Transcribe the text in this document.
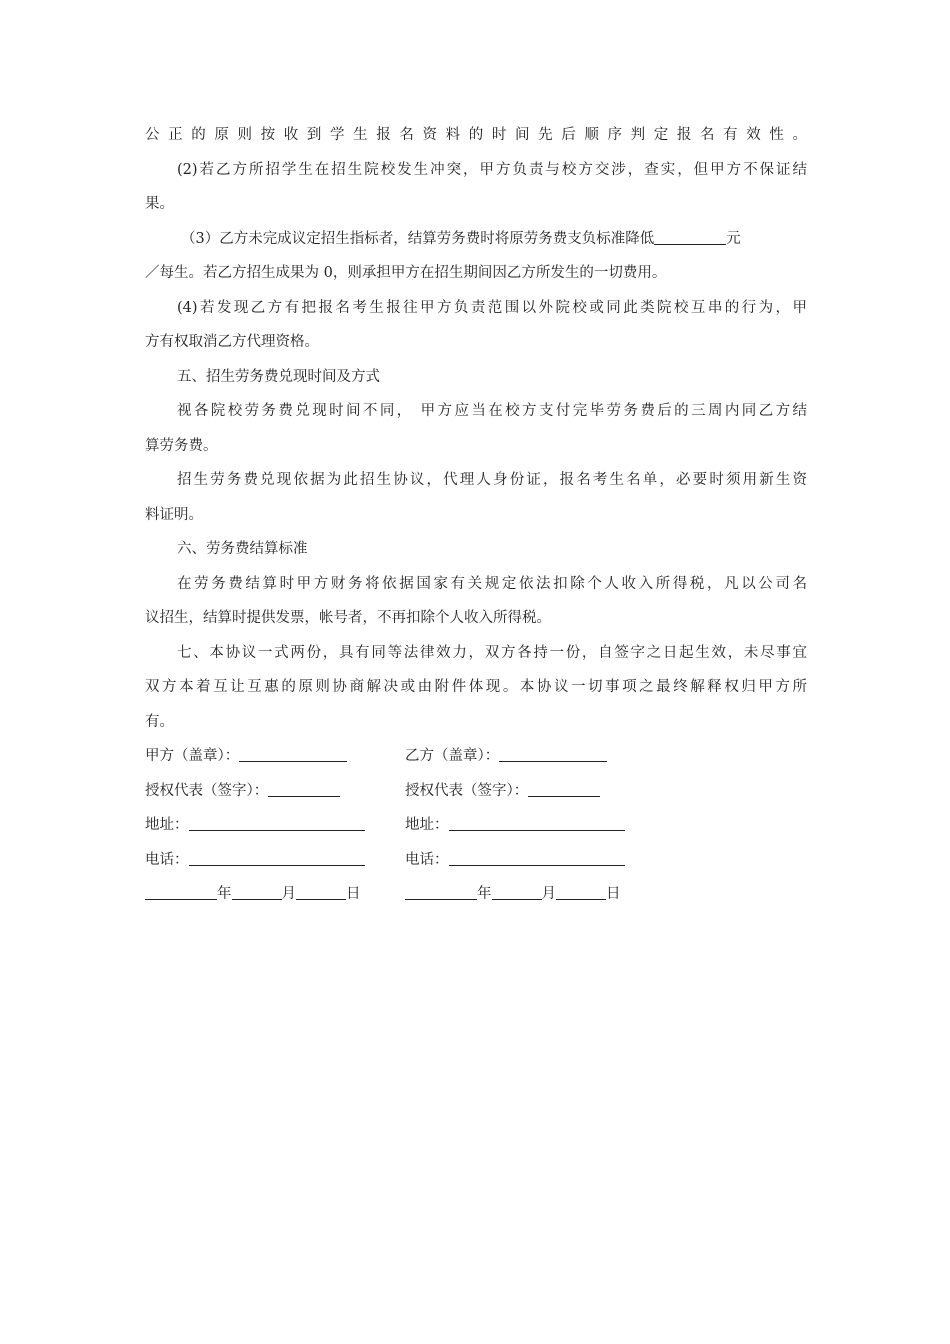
公正的原则按收到学生报名资料的时间先后顺序判定报名有效性。
(2)若乙方所招学生在招生院校发生冲突，甲方负责与校方交涉，查实，但甲方不保证结
果。
（3）乙方未完成议定招生指标者，结算劳务费时将原劳务费支负标准降低	元
／每生。若乙方招生成果为 0，则承担甲方在招生期间因乙方所发生的一切费用。
(4)若发现乙方有把报名考生报往甲方负责范围以外院校或同此类院校互串的行为，甲
方有权取消乙方代理资格。
五、招生劳务费兑现时间及方式
视各院校劳务费兑现时间不同， 甲方应当在校方支付完毕劳务费后的三周内同乙方结
算劳务费。
招生劳务费兑现依据为此招生协议，代理人身份证，报名考生名单，必要时须用新生资
料证明。
六、劳务费结算标准
在劳务费结算时甲方财务将依据国家有关规定依法扣除个人收入所得税，凡以公司名
议招生，结算时提供发票，帐号者，不再扣除个人收入所得税。
七、本协议一式两份，具有同等法律效力，双方各持一份，自签字之日起生效，未尽事宜
双方本着互让互惠的原则协商解决或由附件体现。本协议一切事项之最终解释权归甲方所
有。
甲方（盖章）：	乙方（盖章）：
授权代表（签字）：	授权代表（签字）：
地址：	地址：
电话：	电话：
年	月	日	年	月	日
